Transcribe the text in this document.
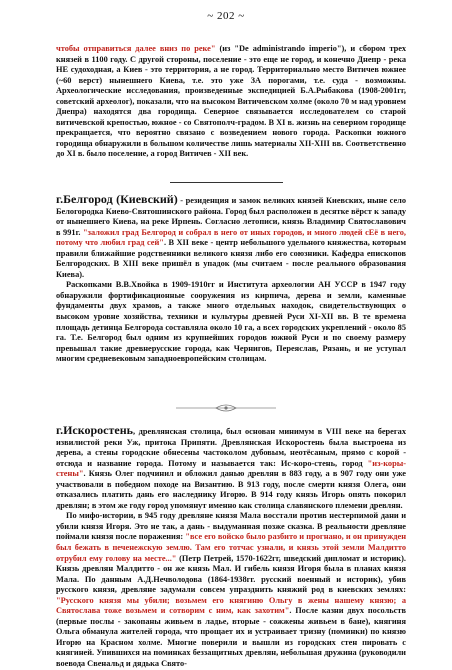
~ 202 ~

чтобы отправиться далее вниз по реке" (из "De administrando imperio"), и сбором трех князей в 1100 году. С другой стороны, поселение - это еще не город, и конечно Днепр - река НЕ судоходная, а Киев - это территория, а не город. Территориально место Витичев южнее (~60 верст) нынешнего Киева, т.е. это уже ЗА порогами, т.е. суда - возможны. Археологические исследования, произведенные экспедицией Б.А.Рыбакова (1908-2001гг, советский археолог), показали, что на высоком Витичевском холме (около 70 м над уровнем Днепра) находятся два городища. Северное связывается исследователем со старой витичевской крепостью, южное - со Святополч-градом. В XI в. жизнь на северном городище прекращается, что вероятно связано с возведением нового города. Раскопки южного городища обнаружили в большом количестве лишь материалы XII-XIII вв. Соответственно до XI в. было поселение, а город Витичев - XII век.

г.Белгород (Киевский) - резиденция и замок великих князей Киевских, ныне село Белогородка Киево-Святошинского района. Город был расположен в десятке вёрст к западу от нынешнего Киева, на реке Ирпень. Согласно летописи, князь Владимир Святославович в 991г. "заложил град Белгород и собрал в него от иных городов, и много людей сЕё в него, потому что любил град сей". В XII веке - центр небольшого удельного княжества, которым правили ближайшие родственники великого князя либо его союзники. Кафедра епископов Белгородских. В XIII веке пришёл в упадок (мы считаем - после реального образования Киева).

Раскопками В.В.Хвойка в 1909-1910гг и Института археологии АН УССР в 1947 году обнаружили фортификационные сооружения из кирпича, дерева и земли, каменные фундаменты двух храмов, а также много отдельных находок, свидетельствующих о высоком уровне хозяйства, техники и культуры древней Руси XI-XII вв. В те времена площадь детинца Белгорода составляла около 10 га, а всех городских укреплений - около 85 га. Т.е. Белгород был одним из крупнейших городов южной Руси и по своему размеру превышал такие древнерусские города, как Чернигов, Переяслав, Рязань, и не уступал многим средневековым западноевропейским столицам.

г.Искоростень, древлянская столица, был основан минимум в VIII веке на берегах извилистой реки Уж, притока Припяти. Древлянская Искоростень была выстроена из дерева, а стены городские обнесены частоколом дубовым, неотёсаным, прямо с корой - отсюда и название города. Потому и называется так: Ис-коро-стень, город "из-коры-стены". Князь Олег подчинил и обложил данью древлян в 883 году, а в 907 году они уже участвовали в победном походе на Византию. В 913 году, после смерти князя Олега, они отказались платить дань его наследнику Игорю. В 914 году князь Игорь опять покорил древлян; в этом же году город упомянут именно как столица славянского племени древлян.

По мифо-истории, в 945 году древляне князя Мала восстали против нестерпимой дани и убили князя Игоря. Это не так, а дань - выдуманная позже сказка. В реальности древляне поймали князя после поражения: "все его войско было разбито и прогнано, и он принужден был бежать в печенежскую землю. Там его тотчас узнали, и князь этой земли Малдитто отрубил ему голову на месте..." (Петр Петрей, 1570-1622гг, шведский дипломат и историк). Князь древлян Малдитто - он же князь Мал. И гибель князя Игоря была в планах князя Мала. По данным А.Д.Нечволодова (1864-1938гг. русский военный и историк), убив русского князя, древляне задумали совсем упразднить княжий род в киевских землях: "Русского князя мы убили; возьмем его княгиню Ольгу в жены нашему князю; а Святослава тоже возьмем и сотворим с ним, как захотим". После казни двух посольств (первые послы - закопаны живьем в ладье, вторые - сожжены живьем в бане), княгиня Ольга обманула жителей города, что прощает их и устраивает тризну (поминки) по князю Игорю на Красном холме. Многие поверили и вышли из городских стен пировать с княгиней. Упившихся на поминках беззащитных древлян, небольшая дружина (руководили воевода Свенальд и дядька Свято-
